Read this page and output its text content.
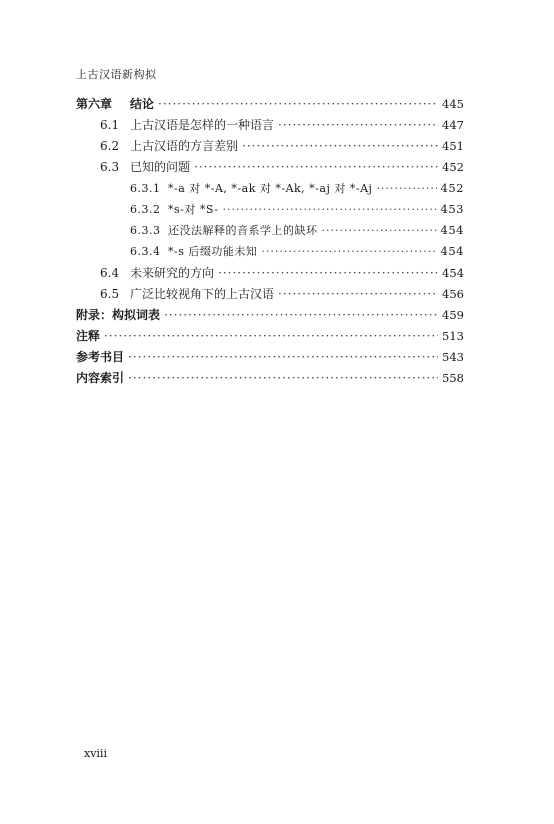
上古汉语新构拟
第六章	结论 ·····	445
6.1 上古汉语是怎样的一种语言 ·····	447
6.2 上古汉语的方言差别 ·····	451
6.3 已知的问题 ·····	452
6.3.1 *-a 对 *-A, *-ak 对 *-Ak, *-aj 对 *-Aj ·····	452
6.3.2 *s-对 *S- ·····	453
6.3.3 还没法解释的音系学上的缺环 ·····	454
6.3.4 *-s 后缀功能未知 ·····	454
6.4 未来研究的方向 ·····	454
6.5 广泛比较视角下的上古汉语 ·····	456
附录：构拟词表 ·····	459
注释 ·····	513
参考书目 ·····	543
内容索引 ·····	558
xviii
